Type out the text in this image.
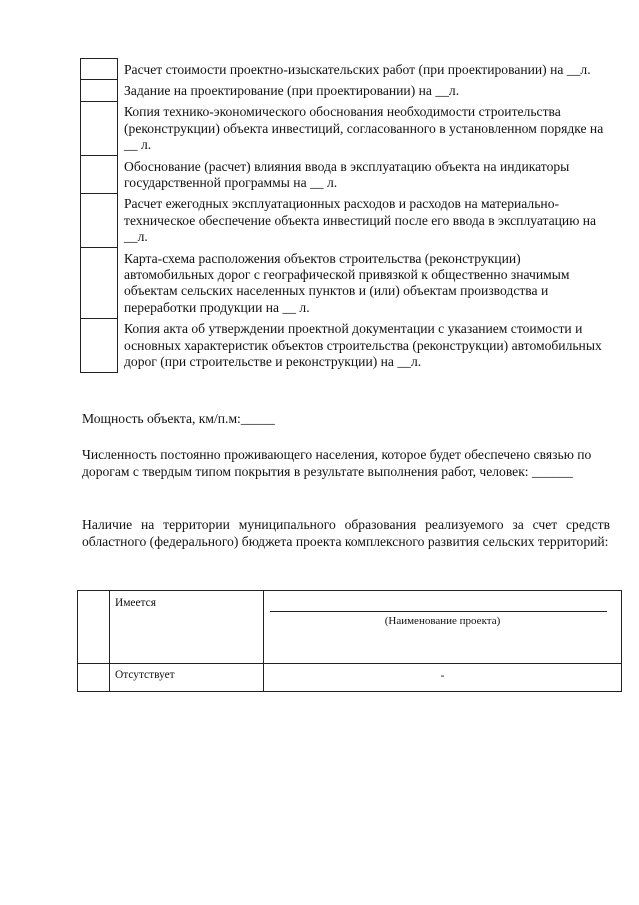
	Расчет стоимости проектно-изыскательских работ (при проектировании) на __л.
	Задание на проектирование (при проектировании) на __л.
	Копия технико-экономического обоснования необходимости строительства (реконструкции) объекта инвестиций, согласованного в установленном порядке на __ л.
	Обоснование (расчет) влияния ввода в эксплуатацию объекта на индикаторы государственной программы на __ л.
	Расчет ежегодных эксплуатационных расходов и расходов на материально-техническое обеспечение объекта инвестиций после его ввода в эксплуатацию на __л.
	Карта-схема расположения объектов строительства (реконструкции) автомобильных дорог с географической привязкой к общественно значимым объектам сельских населенных пунктов и (или) объектам производства и переработки продукции на __ л.
	Копия акта об утверждении проектной документации с указанием стоимости и основных характеристик объектов строительства (реконструкции) автомобильных дорог (при строительстве и реконструкции) на __л.

Мощность объекта, км/п.м:_____

Численность постоянно проживающего населения, которое будет обеспечено связью по дорогам с твердым типом покрытия в результате выполнения работ, человек: ______

Наличие на территории муниципального образования реализуемого за счет средств областного (федерального) бюджета проекта комплексного развития сельских территорий:

	Имеется	(Наименование проекта)

	Отсутствует	-
